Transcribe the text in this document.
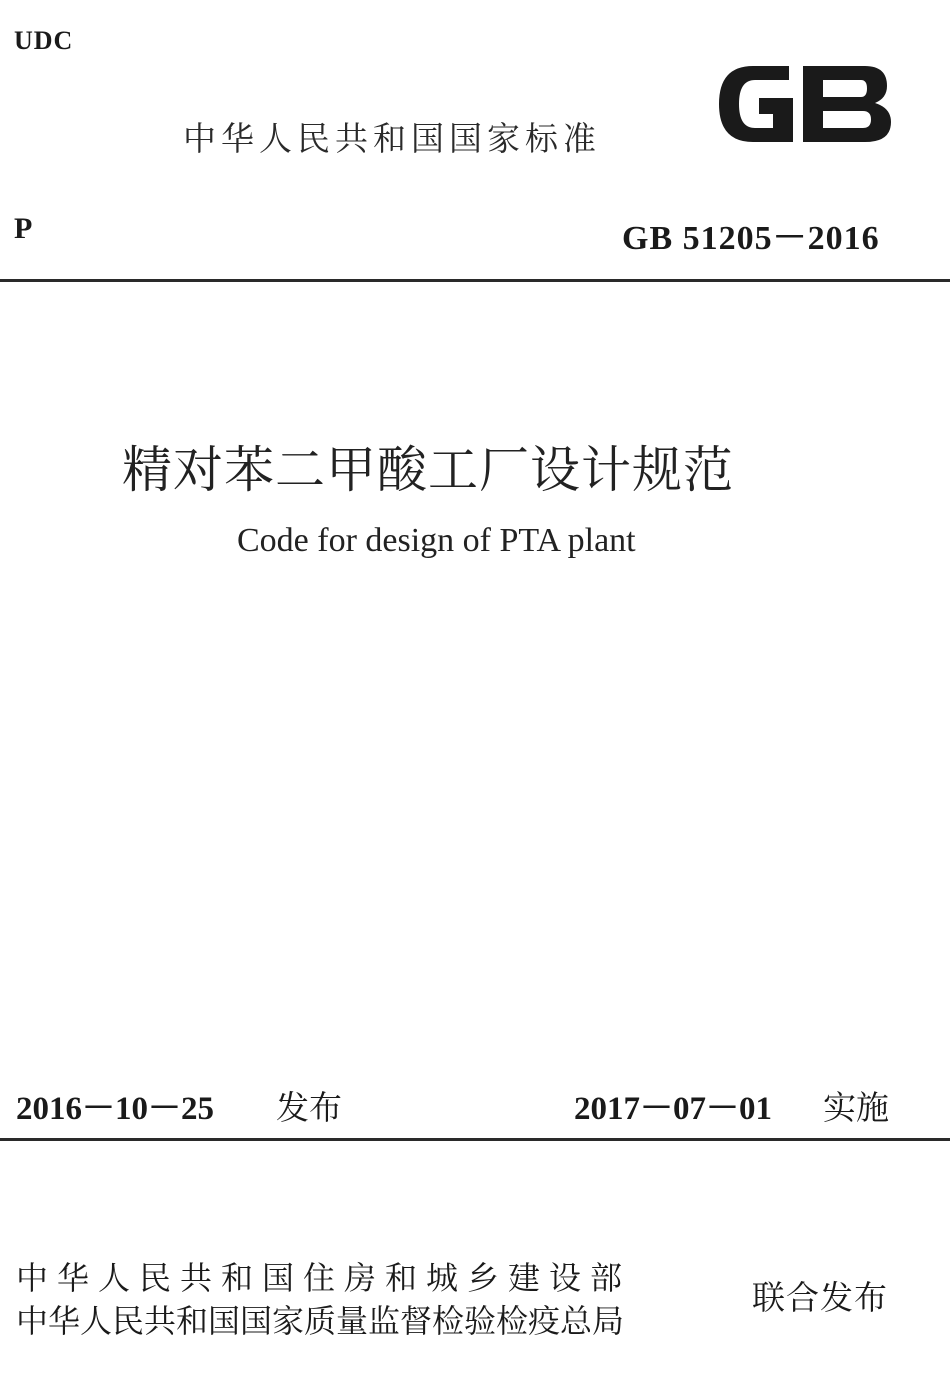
UDC
中华人民共和国国家标准
P	GB 51205－2016
精对苯二甲酸工厂设计规范
Code for design of PTA plant
2016－10－25 发布	2017－07－01 实施
中华人民共和国住房和城乡建设部
中华人民共和国国家质量监督检验检疫总局
联合发布
